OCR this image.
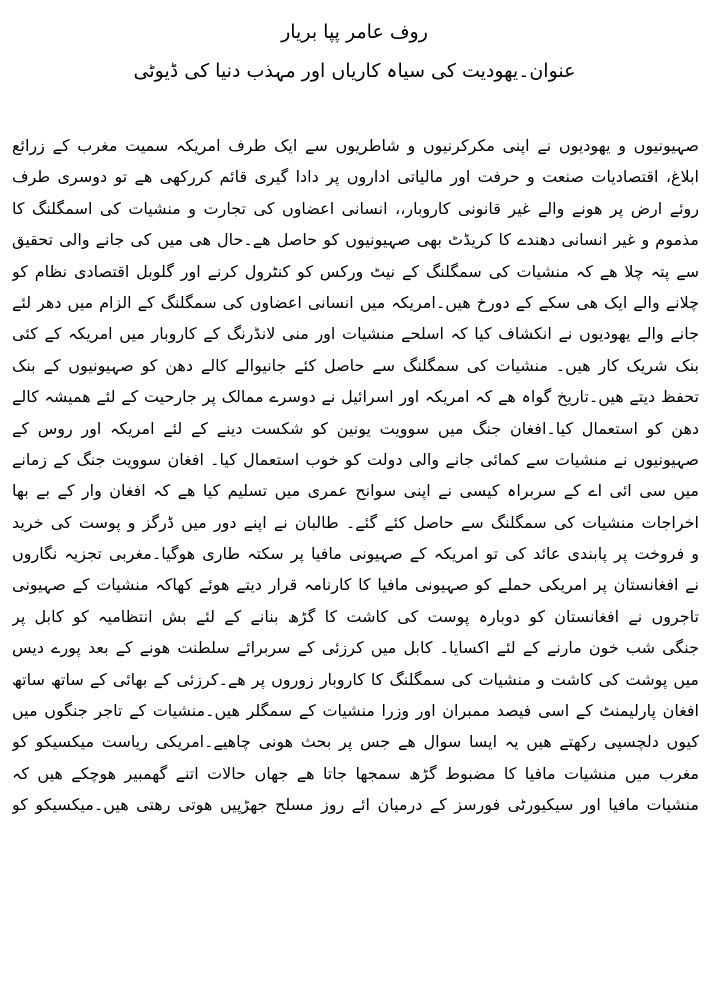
روف عامر پپا بریار
عنوان۔یھودیت کی سیاہ کاریاں اور مہذب دنیا کی ڈیوٹی
صہیونیوں و یھودیوں نے اپنی مکرکرنیوں و شاطریوں سے ایک طرف امریکہ سمیت مغرب کے زرائع
ابلاغ، اقتصادیات صنعت و حرفت اور مالیاتی اداروں پر دادا گیری قائم کررکھی ھے تو دوسری طرف
روئے ارض پر ھونے والے غیر قانونی کاروبار،، انسانی اعضاوں کی تجارت و منشیات کی اسمگلنگ کا
مذموم و غیر انسانی دھندے کا کریڈٹ بھی صہیونیوں کو حاصل ھے۔حال ھی میں کی جانے والی تحقیق
سے پتہ چلا ھے کہ منشیات کی سمگلنگ کے نیٹ ورکس کو کنٹرول کرنے اور گلوبل اقتصادی نظام کو
چلانے والے ایک ھی سکے کے دورخ ھیں۔امریکہ میں انسانی اعضاوں کی سمگلنگ کے الزام میں دھر لئے
جانے والے یھودیوں نے انکشاف کیا کہ اسلحے منشیات اور منی لانڈرنگ کے کاروبار میں امریکہ کے کئی
بنک شریک کار ھیں۔ منشیات کی سمگلنگ سے حاصل کئے جانیوالے کالے دھن کو صہیونیوں کے بنک
تحفظ دیتے ھیں۔تاریخ گواہ ھے کہ امریکہ اور اسرائیل نے دوسرے ممالک پر جارحیت کے لئے ھمیشہ کالے
دھن کو استعمال کیا۔افغان جنگ میں سوویت یونین کو شکست دینے کے لئے امریکہ اور روس کے
صہیونیوں نے منشیات سے کمائی جانے والی دولت کو خوب استعمال کیا۔ افغان سوویت جنگ کے زمانے
میں سی ائی اے کے سربراہ کیسی نے اپنی سوانح عمری میں تسلیم کیا ھے کہ افغان وار کے بے بھا
اخراجات منشیات کی سمگلنگ سے حاصل کئے گئے۔ طالبان نے اپنے دور میں ڈرگز و پوست کی خرید
و فروخت پر پابندی عائد کی تو امریکہ کے صہیونی مافیا پر سکتہ طاری ھوگیا۔مغربی تجزیہ نگاروں
نے افغانستان پر امریکی حملے کو صہیونی مافیا کا کارنامہ قرار دیتے ھوئے کھاکہ منشیات کے صہیونی
تاجروں نے افغانستان کو دوبارہ پوست کی کاشت کا گڑھ بنانے کے لئے بش انتظامیہ کو کابل پر
جنگی شب خون مارنے کے لئے اکسایا۔ کابل میں کرزئی کے سربرائے سلطنت ھونے کے بعد پورے دیس
میں پوشت کی کاشت و منشیات کی سمگلنگ کا کاروبار زوروں پر ھے۔کرزئی کے بھائی کے ساتھ ساتھ
افغان پارلیمنٹ کے اسی فیصد ممبران اور وزرا منشیات کے سمگلر ھیں۔منشیات کے تاجر جنگوں میں
کیوں دلچسپی رکھتے ھیں یہ ایسا سوال ھے جس پر بحث ھونی چاھیے۔امریکی ریاست میکسیکو کو
مغرب میں منشیات مافیا کا مضبوط گڑھ سمجھا جاتا ھے جھاں حالات اتنے گھمبیر ھوچکے ھیں کہ
منشیات مافیا اور سیکیورٹی فورسز کے درمیان ائے روز مسلح جھڑپیں ھوتی رھتی ھیں۔میکسیکو کو
